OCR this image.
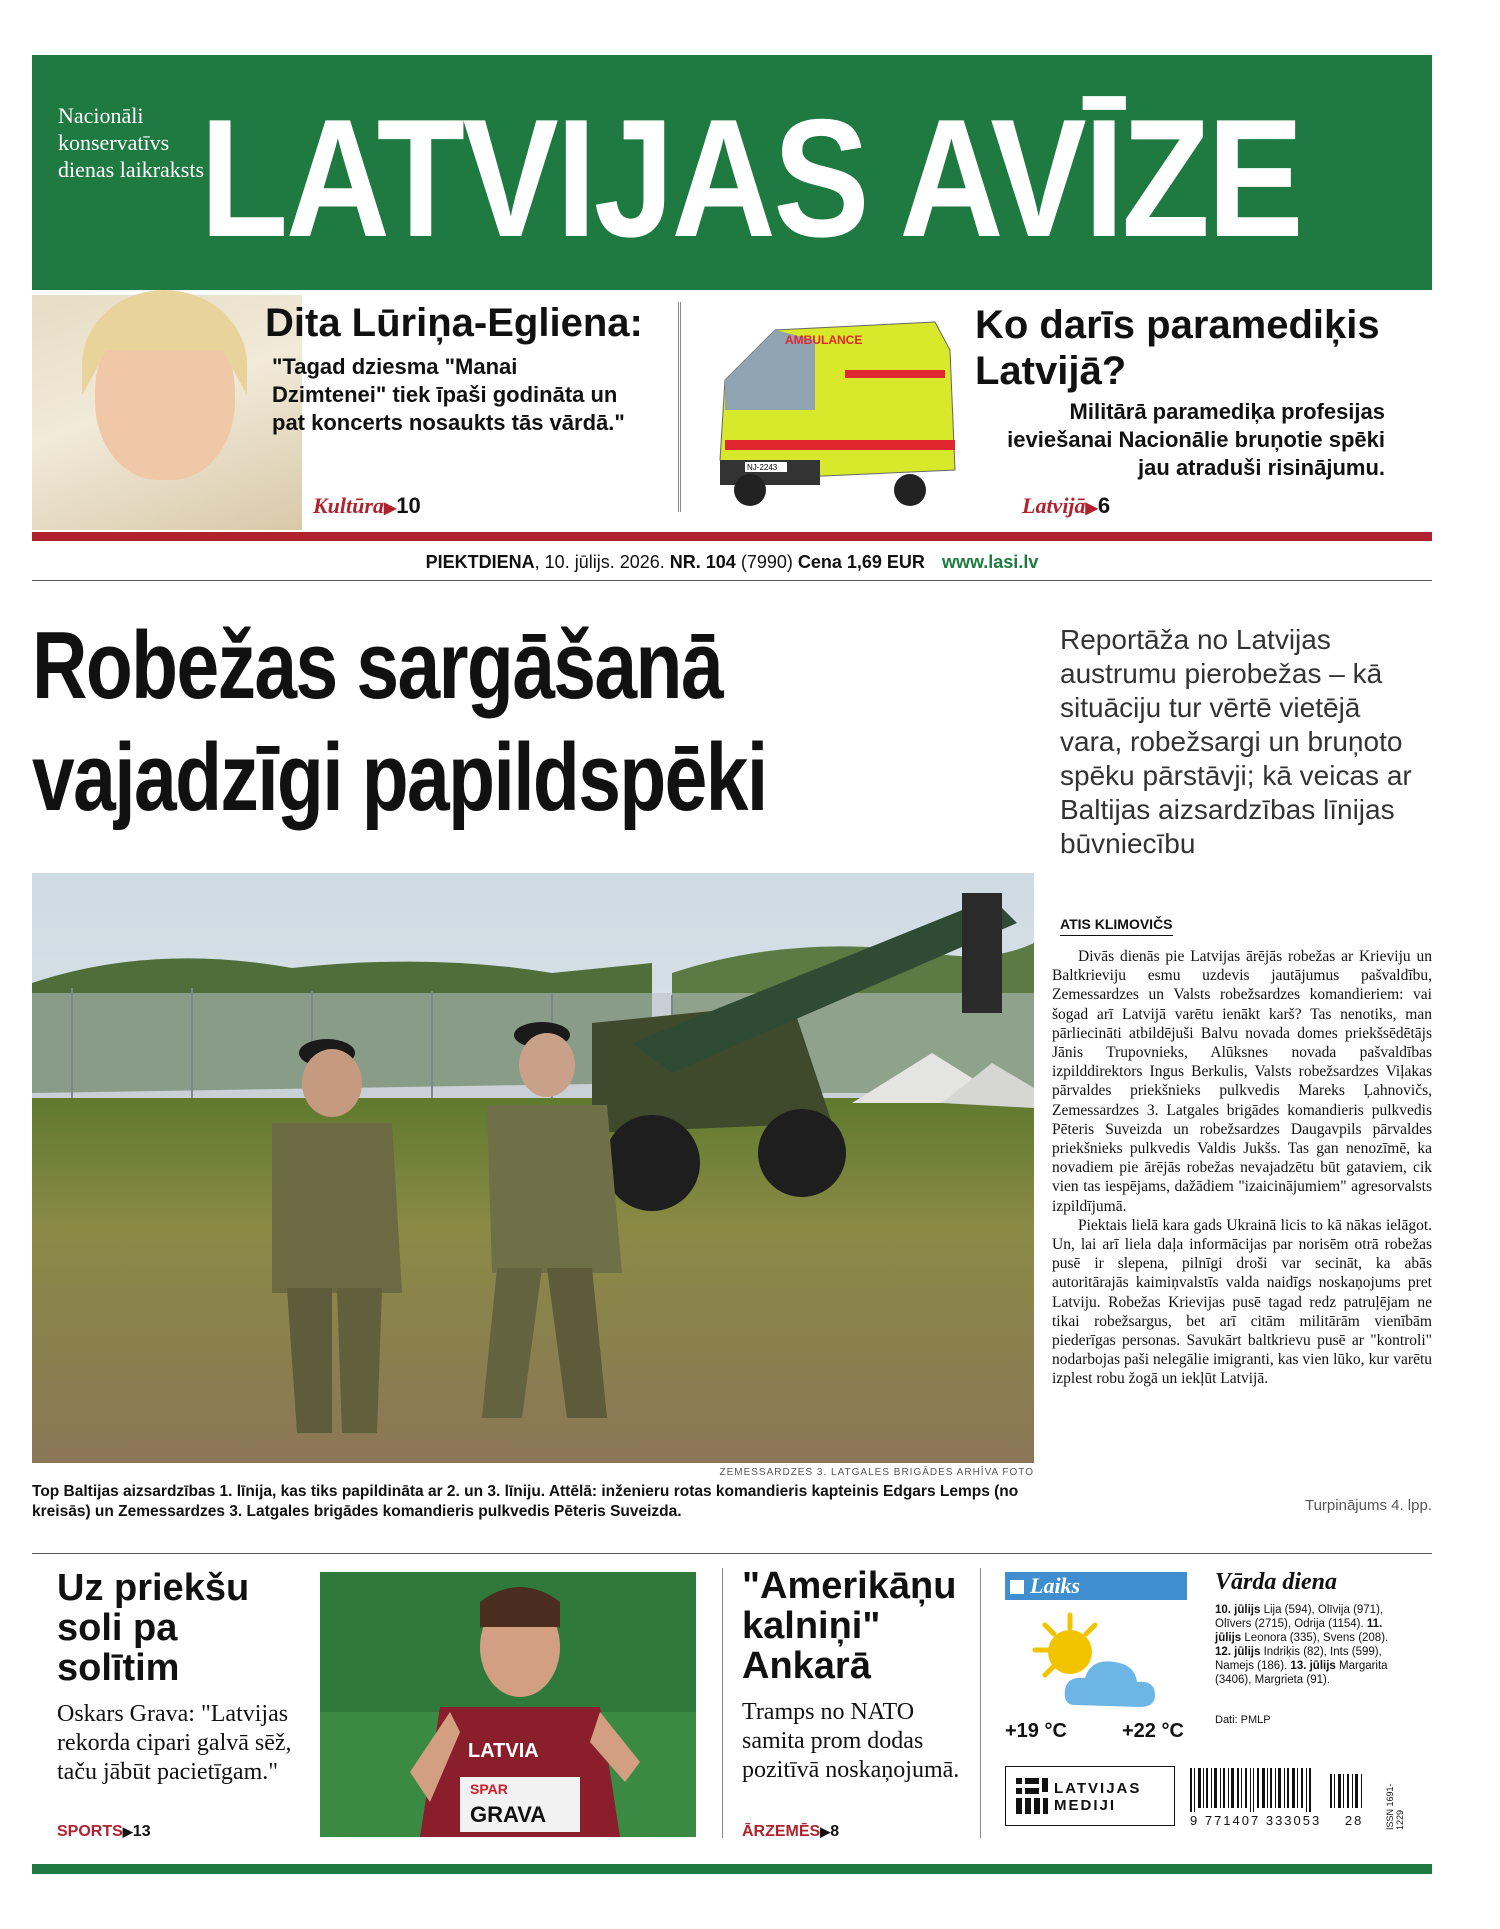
Nacionāli konservatīvs dienas laikraksts
LATVIJAS AVĪZE
Dita Lūriņa-Egliena:
"Tagad dziesma "Manai Dzimtenei" tiek īpaši godināta un pat koncerts nosaukts tās vārdā."
Kultūra▶10
AMBULANCE
NJ-2243
Ko darīs paramediķis Latvijā?
Militārā paramediķa profesijas ieviešanai Nacionālie bruņotie spēki jau atraduši risinājumu.
Latvijā▶6
PIEKTDIENA, 10. jūlijs. 2026. NR. 104 (7990) Cena 1,69 EUR www.lasi.lv
Robežas sargāšanā
vajadzīgi papildspēki
Reportāža no Latvijas austrumu pierobežas – kā situāciju tur vērtē vietējā vara, robežsargi un bruņoto spēku pārstāvji; kā veicas ar Baltijas aizsardzības līnijas būvniecību
ATIS KLIMOVIČS

Divās dienās pie Latvijas ārējās robežas ar Krieviju un Baltkrieviju esmu uzdevis jautājumus pašvaldību, Zemessardzes un Valsts robežsardzes komandieriem: vai šogad arī Latvijā varētu ienākt karš? Tas nenotiks, man pārliecināti atbildējuši Balvu novada domes priekšsēdētājs Jānis Trupovnieks, Alūksnes novada pašvaldības izpilddirektors Ingus Berkulis, Valsts robežsardzes Viļakas pārvaldes priekšnieks pulkvedis Mareks Ļahnovičs, Zemessardzes 3. Latgales brigādes komandieris pulkvedis Pēteris Suveizda un robežsardzes Daugavpils pārvaldes priekšnieks pulkvedis Valdis Jukšs. Tas gan nenozīmē, ka novadiem pie ārējās robežas nevajadzētu būt gataviem, cik vien tas iespējams, dažādiem "izaicinājumiem" agresorvalsts izpildījumā.

Piektais lielā kara gads Ukrainā licis to kā nākas ielāgot. Un, lai arī liela daļa informācijas par norisēm otrā robežas pusē ir slepena, pilnīgi droši var secināt, ka abās autoritārajās kaimiņvalstīs valda naidīgs noskaņojums pret Latviju. Robežas Krievijas pusē tagad redz patruļējam ne tikai robežsargus, bet arī citām militārām vienībām piederīgas personas. Savukārt baltkrievu pusē ar "kontroli" nodarbojas paši nelegālie imigranti, kas vien lūko, kur varētu izplest robu žogā un iekļūt Latvijā.

Turpinājums 4. lpp.
ZEMESSARDZES 3. LATGALES BRIGĀDES ARHĪVA FOTO
Top Baltijas aizsardzības 1. līnija, kas tiks papildināta ar 2. un 3. līniju. Attēlā: inženieru rotas komandieris kapteinis Edgars Lemps (no kreisās) un Zemessardzes 3. Latgales brigādes komandieris pulkvedis Pēteris Suveizda.
Uz priekšu soli pa solītim
Oskars Grava: "Latvijas rekorda cipari galvā sēž, taču jābūt pacietīgam."
SPORTS▶13
LATVIA
SPAR
GRAVA
"Amerikāņu kalniņi" Ankarā
Tramps no NATO samita prom dodas pozitīvā noskaņojumā.
ĀRZEMĒS▶8
Laiks
+19 °C	+22 °C
Vārda diena
10. jūlijs Lija (594), Olīvija (971), Olīvers (2715), Odrija (1154). 11. jūlijs Leonora (335), Svens (208). 12. jūlijs Indriķis (82), Ints (599), Namejs (186). 13. jūlijs Margarita (3406), Margrieta (91).
Dati: PMLP
LATVIJAS
MEDIJI
9 771407 333053 28 ISSN 1691-1229
